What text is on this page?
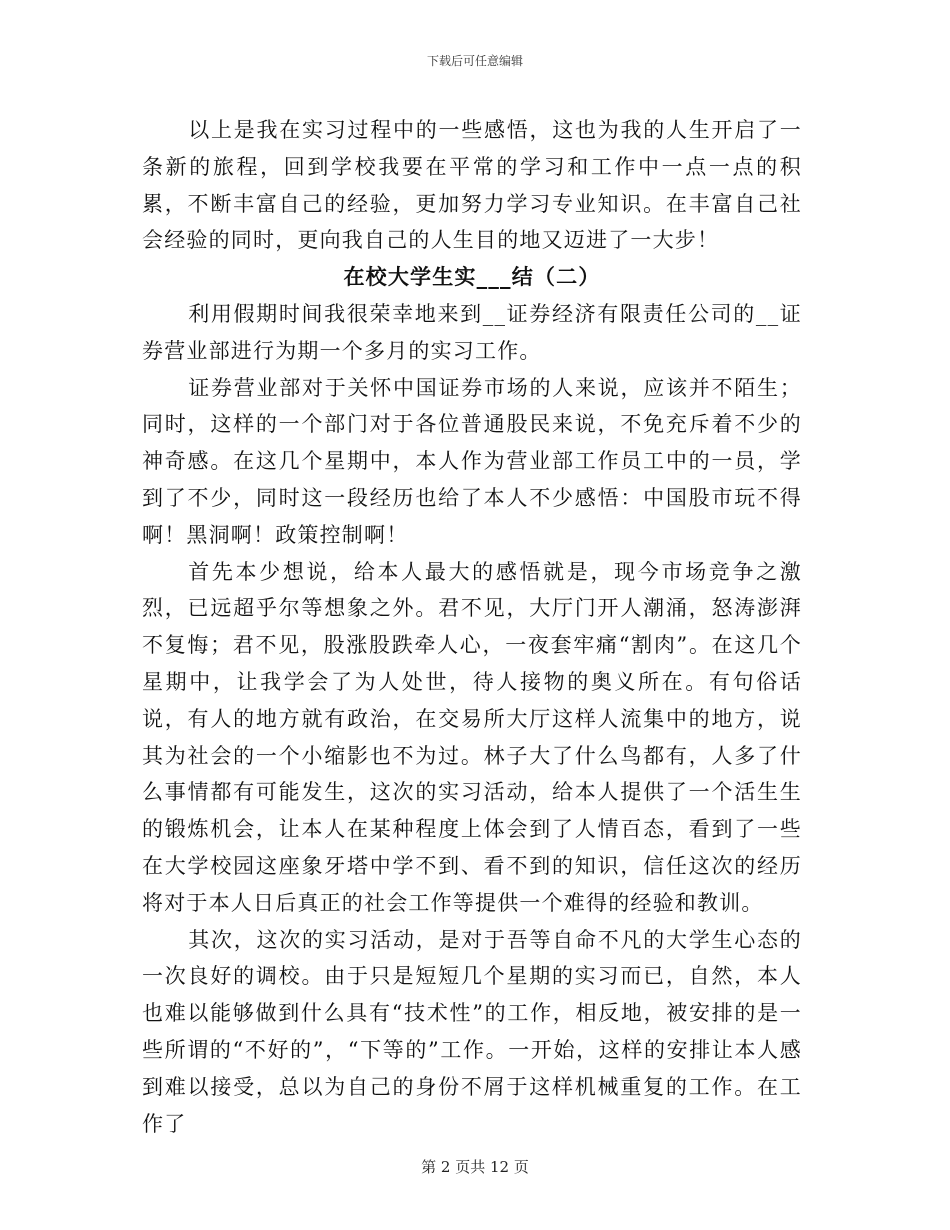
下载后可任意编辑

以上是我在实习过程中的一些感悟，这也为我的人生开启了一条新的旅程，回到学校我要在平常的学习和工作中一点一点的积累，不断丰富自己的经验，更加努力学习专业知识。在丰富自己社会经验的同时，更向我自己的人生目的地又迈进了一大步！

在校大学生实___结（二）

利用假期时间我很荣幸地来到__证券经济有限责任公司的__证券营业部进行为期一个多月的实习工作。

证券营业部对于关怀中国证券市场的人来说，应该并不陌生；同时，这样的一个部门对于各位普通股民来说，不免充斥着不少的神奇感。在这几个星期中，本人作为营业部工作员工中的一员，学到了不少，同时这一段经历也给了本人不少感悟：中国股市玩不得啊！黑洞啊！政策控制啊！

首先本少想说，给本人最大的感悟就是，现今市场竞争之激烈，已远超乎尔等想象之外。君不见，大厅门开人潮涌，怒涛澎湃不复悔；君不见，股涨股跌牵人心，一夜套牢痛“割肉”。在这几个星期中，让我学会了为人处世，待人接物的奥义所在。有句俗话说，有人的地方就有政治，在交易所大厅这样人流集中的地方，说其为社会的一个小缩影也不为过。林子大了什么鸟都有，人多了什么事情都有可能发生，这次的实习活动，给本人提供了一个活生生的锻炼机会，让本人在某种程度上体会到了人情百态，看到了一些在大学校园这座象牙塔中学不到、看不到的知识，信任这次的经历将对于本人日后真正的社会工作等提供一个难得的经验和教训。

其次，这次的实习活动，是对于吾等自命不凡的大学生心态的一次良好的调校。由于只是短短几个星期的实习而已，自然，本人也难以能够做到什么具有“技术性”的工作，相反地，被安排的是一些所谓的“不好的”，“下等的”工作。一开始，这样的安排让本人感到难以接受，总以为自己的身份不屑于这样机械重复的工作。在工作了

第 2 页共 12 页
